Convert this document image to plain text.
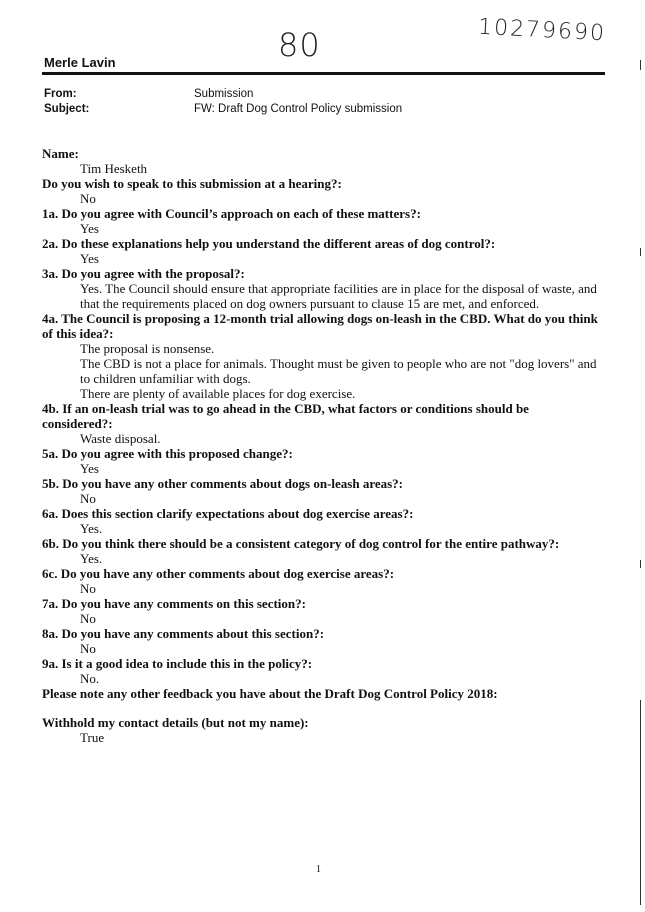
80	10279690
Merle Lavin
From:	Submission
Subject:	FW: Draft Dog Control Policy submission
Name:
Tim Hesketh
Do you wish to speak to this submission at a hearing?:
No
1a. Do you agree with Council’s approach on each of these matters?:
Yes
2a. Do these explanations help you understand the different areas of dog control?:
Yes
3a. Do you agree with the proposal?:
Yes. The Council should ensure that appropriate facilities are in place for the disposal of waste, and
that the requirements placed on dog owners pursuant to clause 15 are met, and enforced.
4a. The Council is proposing a 12-month trial allowing dogs on-leash in the CBD. What do you think
of this idea?:
The proposal is nonsense.
The CBD is not a place for animals. Thought must be given to people who are not "dog lovers" and
to children unfamiliar with dogs.
There are plenty of available places for dog exercise.
4b. If an on-leash trial was to go ahead in the CBD, what factors or conditions should be considered?:
Waste disposal.
5a. Do you agree with this proposed change?:
Yes
5b. Do you have any other comments about dogs on-leash areas?:
No
6a. Does this section clarify expectations about dog exercise areas?:
Yes.
6b. Do you think there should be a consistent category of dog control for the entire pathway?:
Yes.
6c. Do you have any other comments about dog exercise areas?:
No
7a. Do you have any comments on this section?:
No
8a. Do you have any comments about this section?:
No
9a. Is it a good idea to include this in the policy?:
No.
Please note any other feedback you have about the Draft Dog Control Policy 2018:
Withhold my contact details (but not my name):
True
1
